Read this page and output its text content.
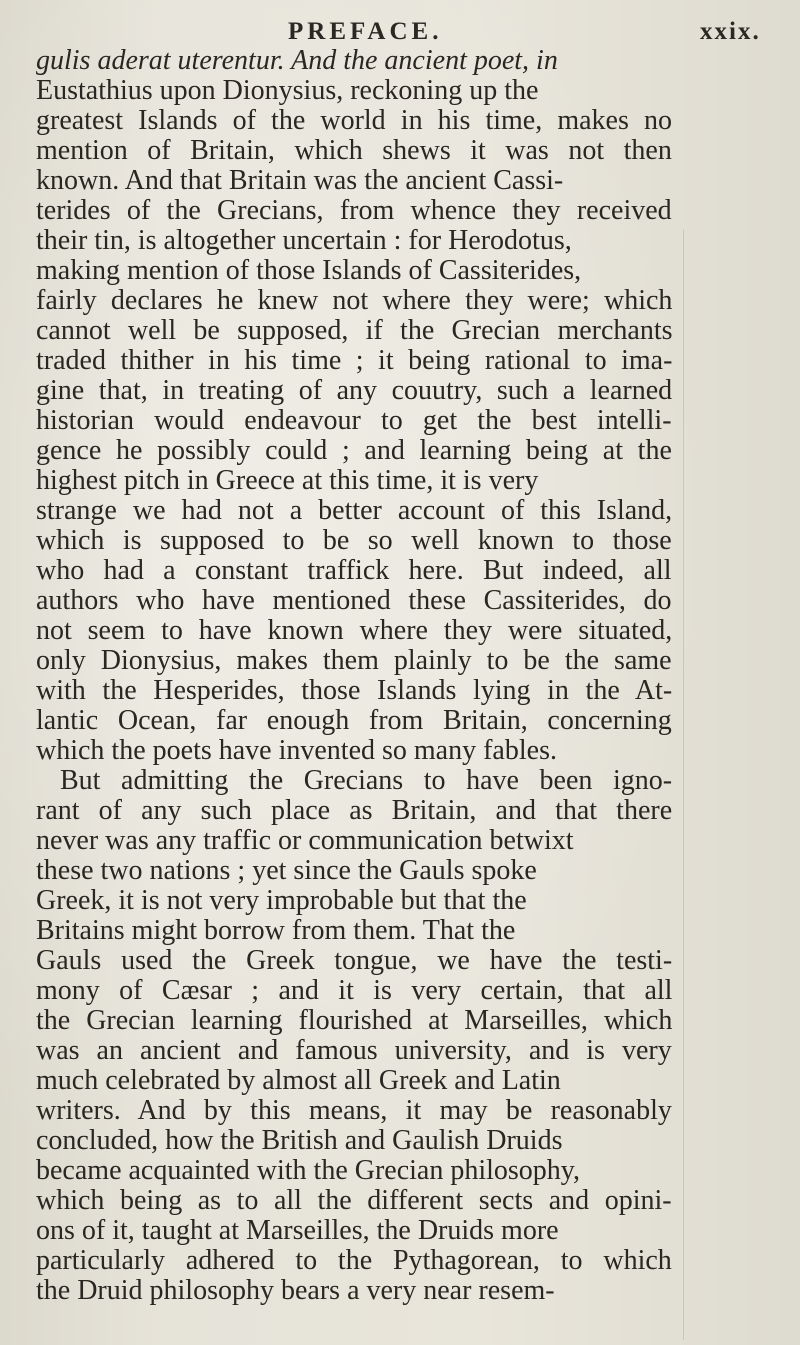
PREFACE.	xxix.
gulis aderat uterentur. And the ancient poet, in
Eustathius upon Dionysius, reckoning up the
greatest Islands of the world in his time, makes no
mention of Britain, which shews it was not then
known. And that Britain was the ancient Cassi-
terides of the Grecians, from whence they received
their tin, is altogether uncertain : for Herodotus,
making mention of those Islands of Cassiterides,
fairly declares he knew not where they were; which
cannot well be supposed, if the Grecian merchants
traded thither in his time ; it being rational to ima-
gine that, in treating of any couutry, such a learned
historian would endeavour to get the best intelli-
gence he possibly could ; and learning being at the
highest pitch in Greece at this time, it is very
strange we had not a better account of this Island,
which is supposed to be so well known to those
who had a constant traffick here. But indeed, all
authors who have mentioned these Cassiterides, do
not seem to have known where they were situated,
only Dionysius, makes them plainly to be the same
with the Hesperides, those Islands lying in the At-
lantic Ocean, far enough from Britain, concerning
which the poets have invented so many fables.
But admitting the Grecians to have been igno-
rant of any such place as Britain, and that there
never was any traffic or communication betwixt
these two nations ; yet since the Gauls spoke
Greek, it is not very improbable but that the
Britains might borrow from them. That the
Gauls used the Greek tongue, we have the testi-
mony of Cæsar ; and it is very certain, that all
the Grecian learning flourished at Marseilles, which
was an ancient and famous university, and is very
much celebrated by almost all Greek and Latin
writers. And by this means, it may be reasonably
concluded, how the British and Gaulish Druids
became acquainted with the Grecian philosophy,
which being as to all the different sects and opini-
ons of it, taught at Marseilles, the Druids more
particularly adhered to the Pythagorean, to which
the Druid philosophy bears a very near resem-
